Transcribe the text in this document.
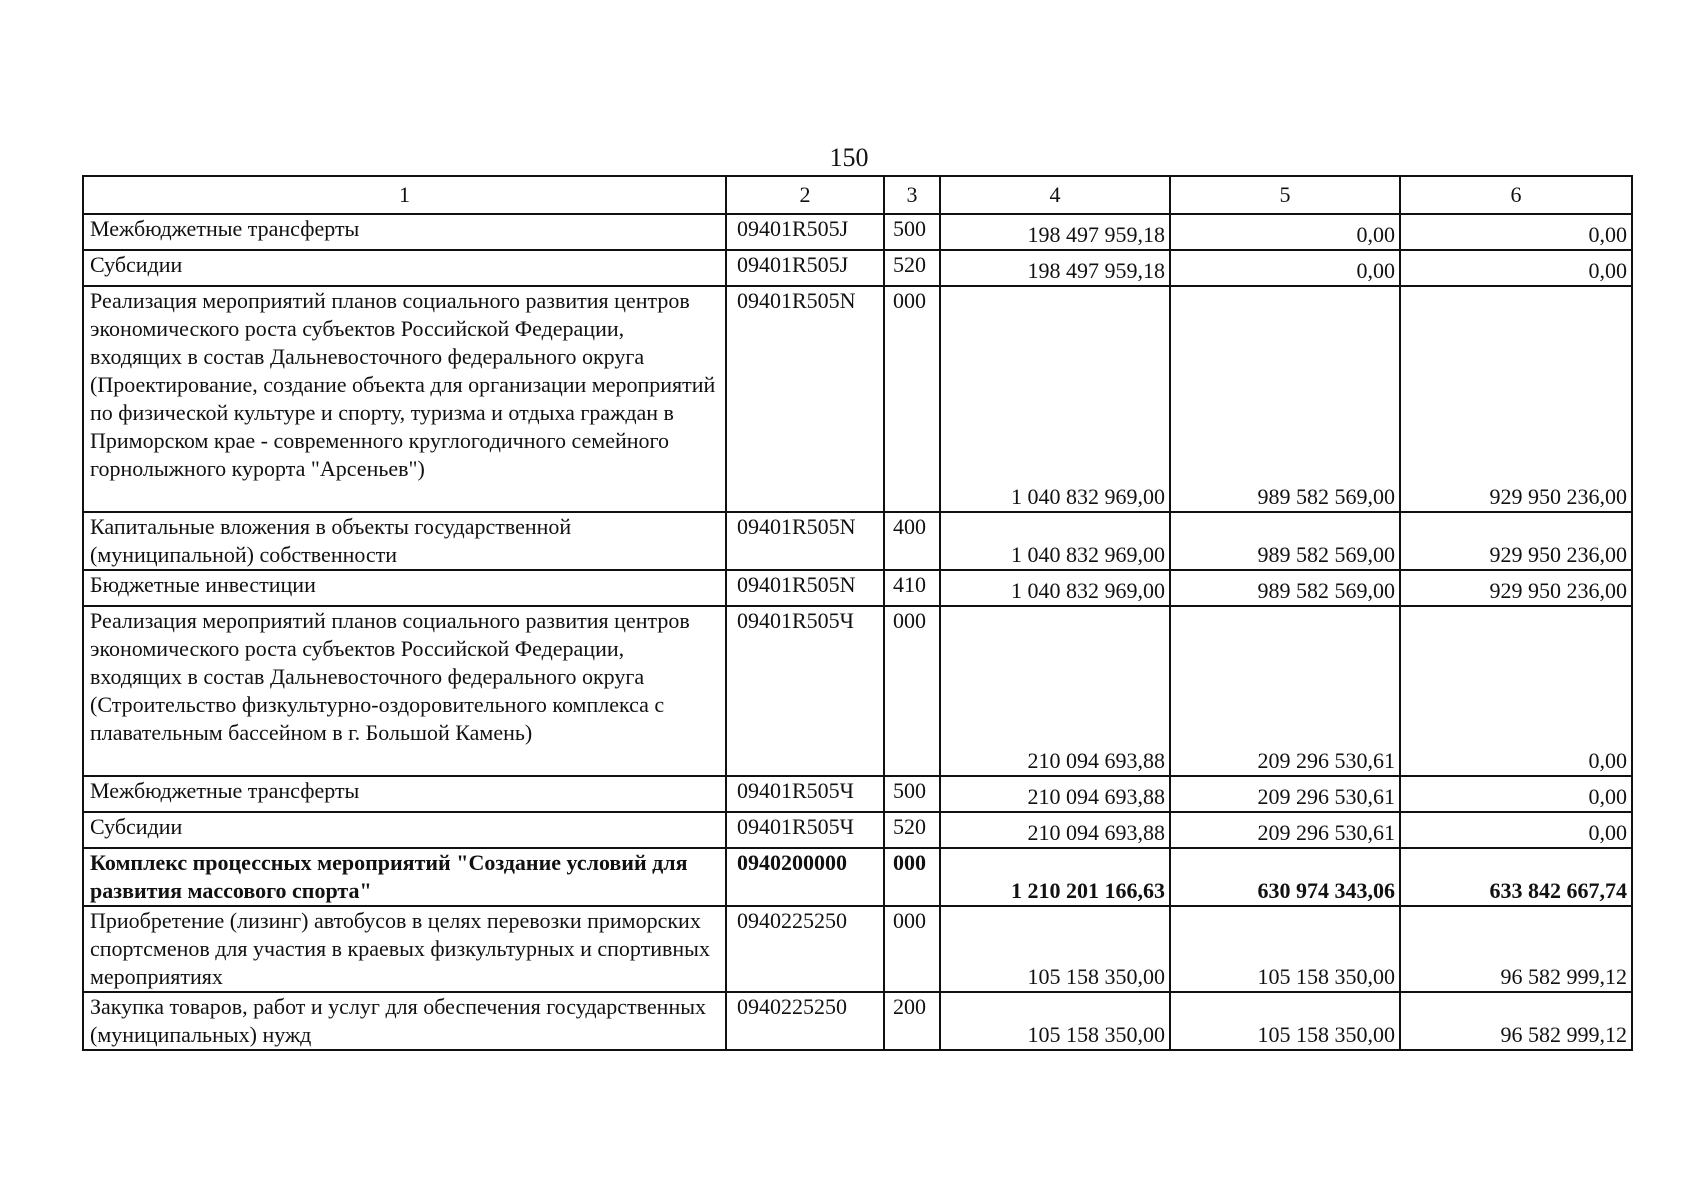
150
1	2	3	4	5	6
Межбюджетные трансферты	09401R505J	500	198 497 959,18	0,00	0,00
Субсидии	09401R505J	520	198 497 959,18	0,00	0,00
Реализация мероприятий планов социального развития центров экономического роста субъектов Российской Федерации, входящих в состав Дальневосточного федерального округа (Проектирование, создание объекта для организации мероприятий по физической культуре и спорту, туризма и отдыха граждан в Приморском крае - современного круглогодичного семейного горнолыжного курорта "Арсеньев")	09401R505N	000	1 040 832 969,00	989 582 569,00	929 950 236,00
Капитальные вложения в объекты государственной (муниципальной) собственности	09401R505N	400	1 040 832 969,00	989 582 569,00	929 950 236,00
Бюджетные инвестиции	09401R505N	410	1 040 832 969,00	989 582 569,00	929 950 236,00
Реализация мероприятий планов социального развития центров экономического роста субъектов Российской Федерации, входящих в состав Дальневосточного федерального округа (Строительство физкультурно-оздоровительного комплекса с плавательным бассейном в г. Большой Камень)	09401R505Ч	000	210 094 693,88	209 296 530,61	0,00
Межбюджетные трансферты	09401R505Ч	500	210 094 693,88	209 296 530,61	0,00
Субсидии	09401R505Ч	520	210 094 693,88	209 296 530,61	0,00
Комплекс процессных мероприятий "Создание условий для развития массового спорта"	0940200000	000	1 210 201 166,63	630 974 343,06	633 842 667,74
Приобретение (лизинг) автобусов в целях перевозки приморских спортсменов для участия в краевых физкультурных и спортивных мероприятиях	0940225250	000	105 158 350,00	105 158 350,00	96 582 999,12
Закупка товаров, работ и услуг для обеспечения государственных (муниципальных) нужд	0940225250	200	105 158 350,00	105 158 350,00	96 582 999,12
